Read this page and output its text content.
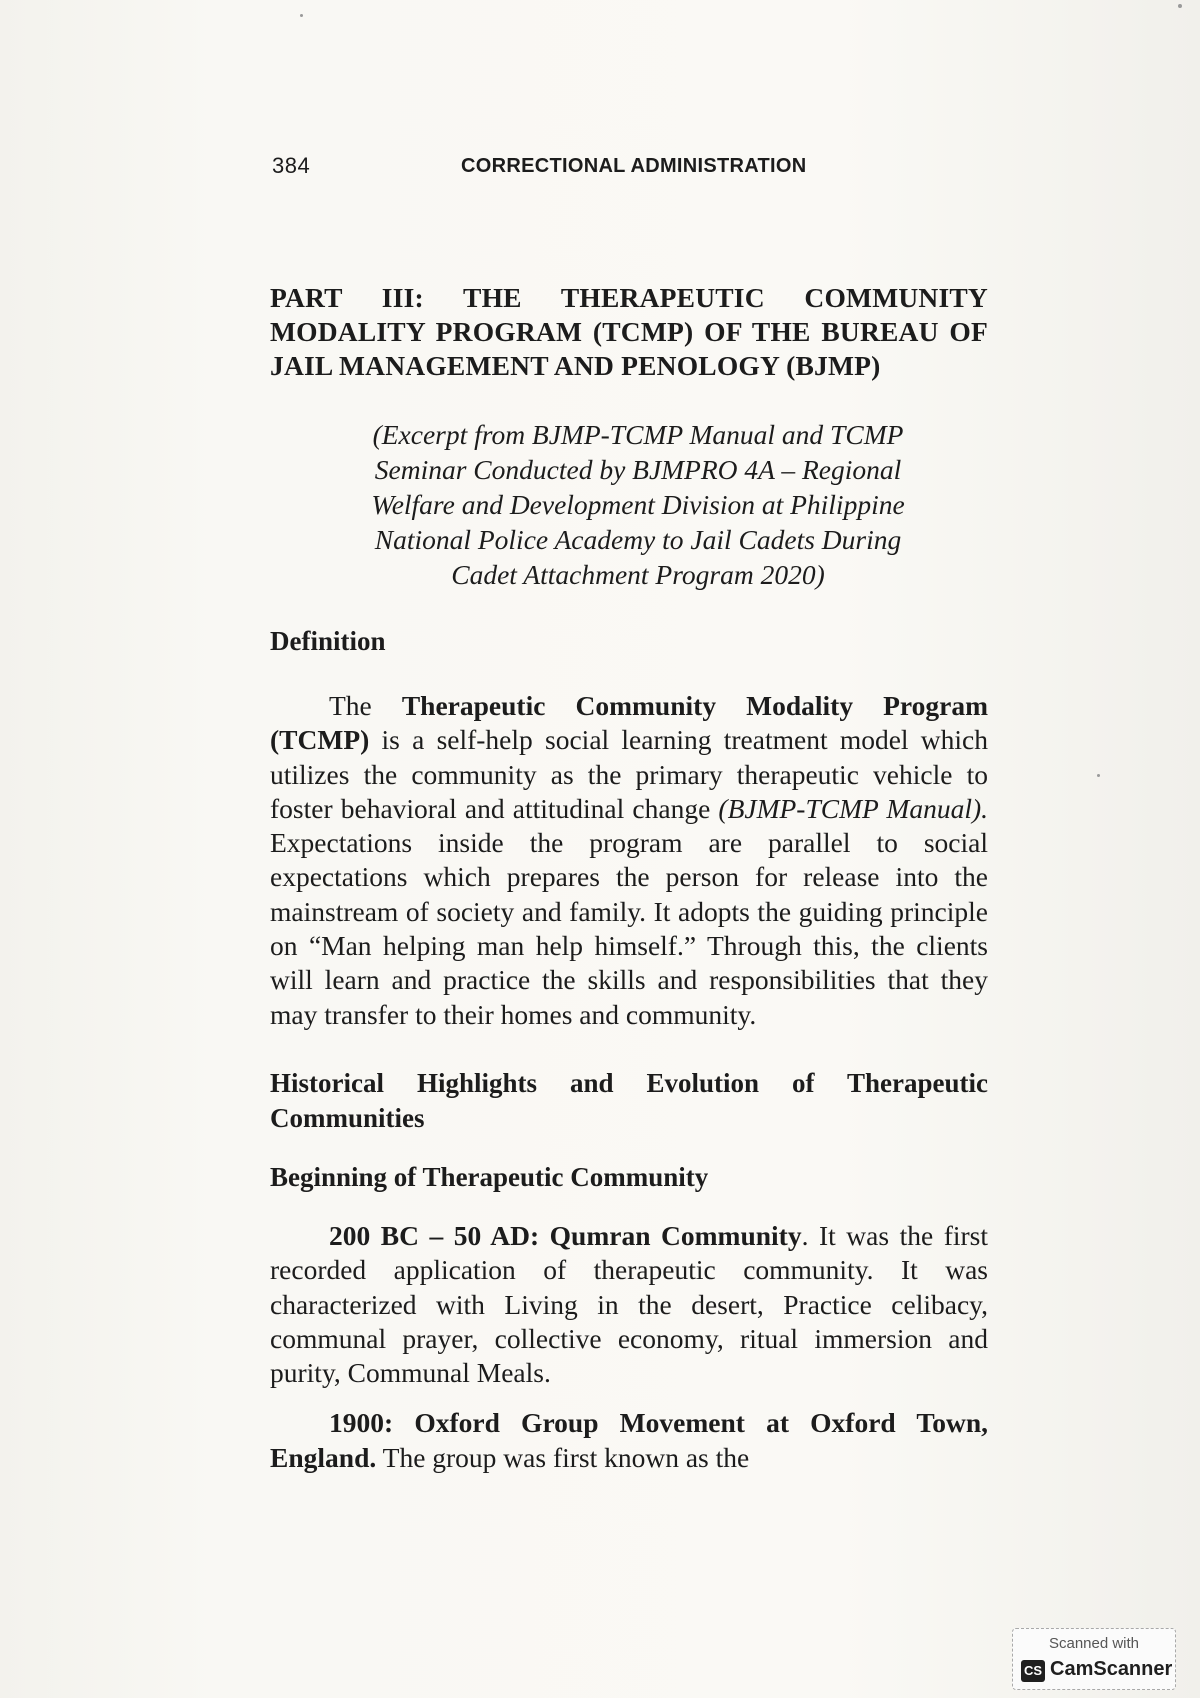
384	CORRECTIONAL ADMINISTRATION
PART III: THE THERAPEUTIC COMMUNITY MODALITY PROGRAM (TCMP) OF THE BUREAU OF JAIL MANAGEMENT AND PENOLOGY (BJMP)

(Excerpt from BJMP-TCMP Manual and TCMP
Seminar Conducted by BJMPRO 4A – Regional
Welfare and Development Division at Philippine
National Police Academy to Jail Cadets During
Cadet Attachment Program 2020)

Definition

The Therapeutic Community Modality Program (TCMP) is a self-help social learning treatment model which utilizes the community as the primary therapeutic vehicle to foster behavioral and attitudinal change (BJMP-TCMP Manual). Expectations inside the program are parallel to social expectations which prepares the person for release into the mainstream of society and family. It adopts the guiding principle on “Man helping man help himself.” Through this, the clients will learn and practice the skills and responsibilities that they may transfer to their homes and community.

Historical Highlights and Evolution of Therapeutic Communities
Beginning of Therapeutic Community

200 BC – 50 AD: Qumran Community. It was the first recorded application of therapeutic community. It was characterized with Living in the desert, Practice celibacy, communal prayer, collective economy, ritual immersion and purity, Communal Meals.

1900: Oxford Group Movement at Oxford Town, England. The group was first known as the

Scanned with
CS CamScanner
